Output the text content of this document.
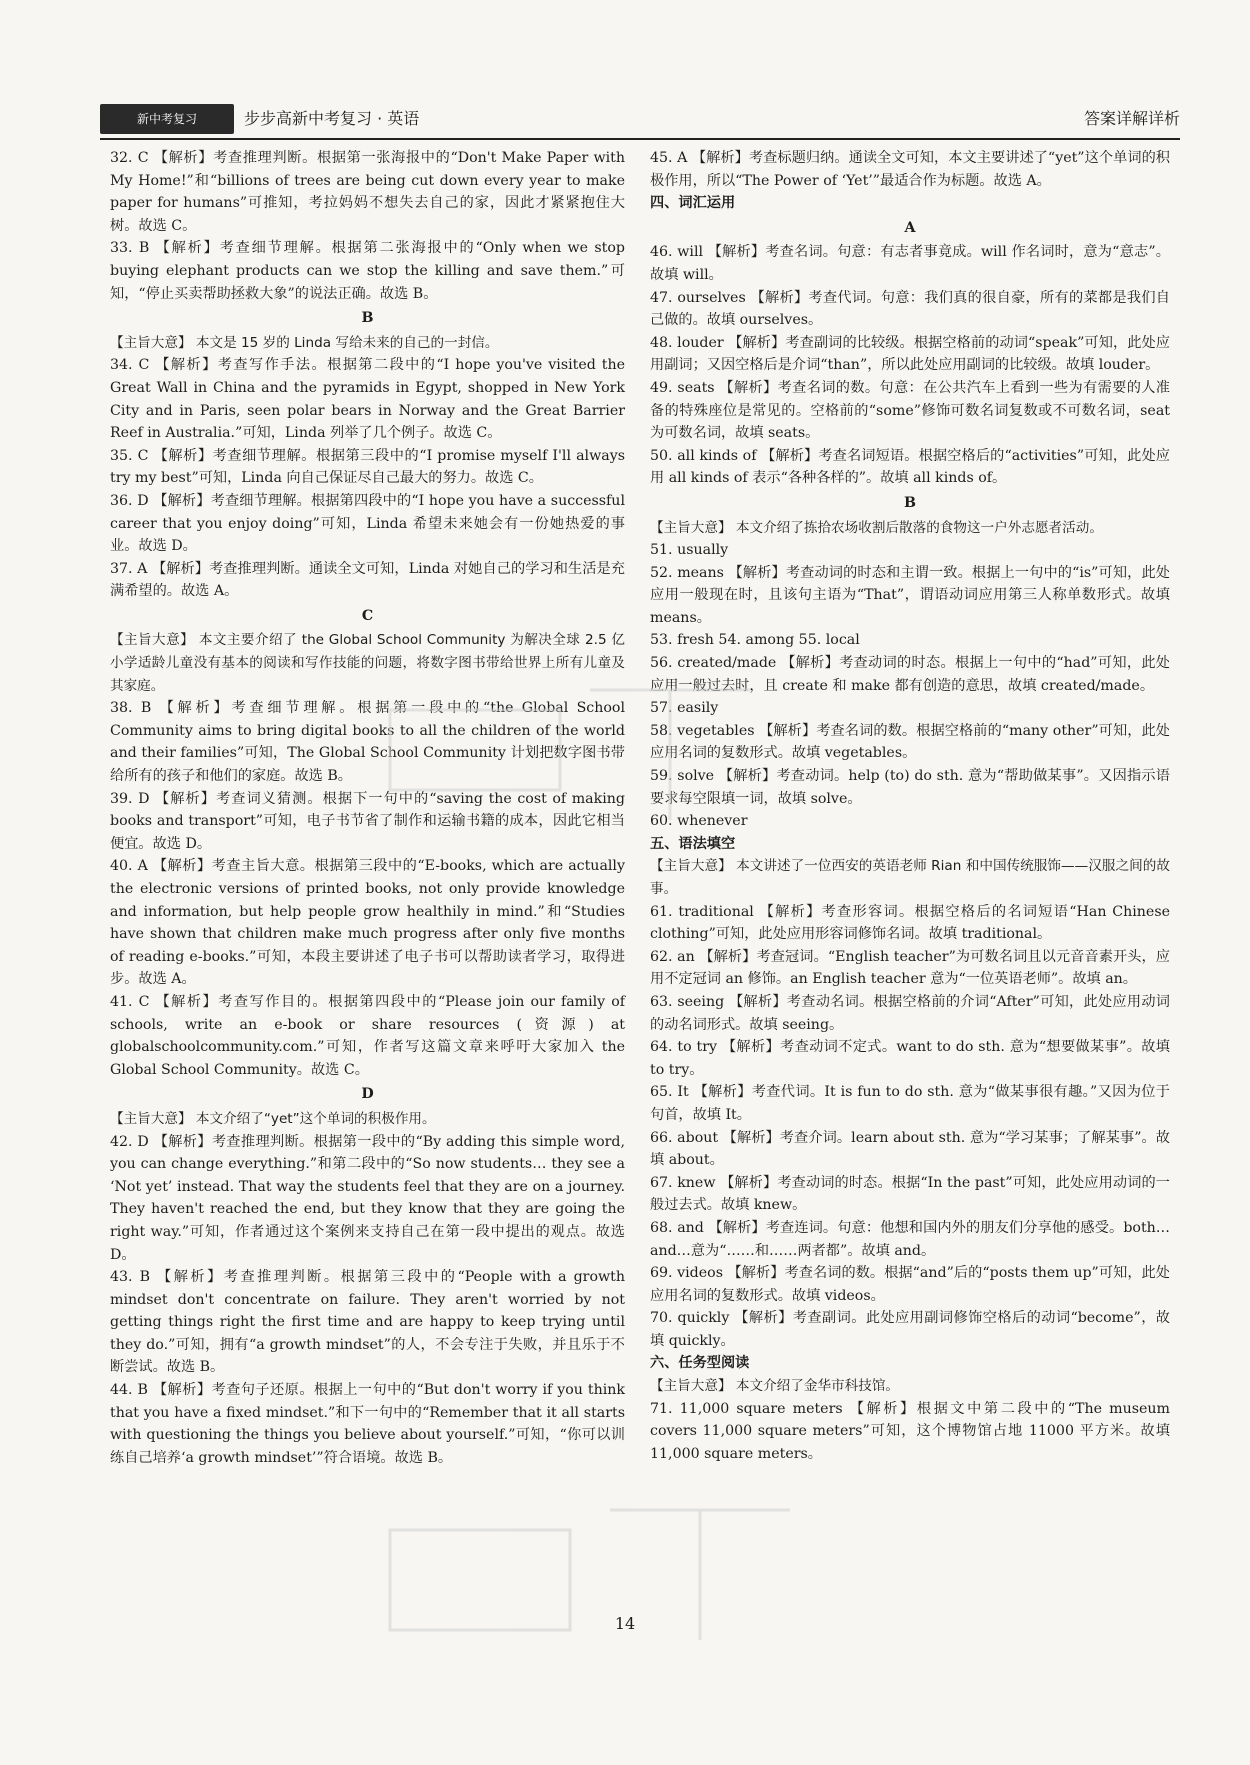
新中考复习	步步高新中考复习 · 英语	答案详解详析

32. C 【解析】考查推理判断。根据第一张海报中的“Don't Make Paper with My Home!”和“billions of trees are being cut down every year to make paper for humans”可推知，考拉妈妈不想失去自己的家，因此才紧紧抱住大树。故选 C。

33. B 【解析】考查细节理解。根据第二张海报中的“Only when we stop buying elephant products can we stop the killing and save them.”可知，“停止买卖帮助拯救大象”的说法正确。故选 B。

B

【主旨大意】 本文是 15 岁的 Linda 写给未来的自己的一封信。

34. C 【解析】考查写作手法。根据第二段中的“I hope you've visited the Great Wall in China and the pyramids in Egypt, shopped in New York City and in Paris, seen polar bears in Norway and the Great Barrier Reef in Australia.”可知，Linda 列举了几个例子。故选 C。

35. C 【解析】考查细节理解。根据第三段中的“I promise myself I'll always try my best”可知，Linda 向自己保证尽自己最大的努力。故选 C。

36. D 【解析】考查细节理解。根据第四段中的“I hope you have a successful career that you enjoy doing”可知，Linda 希望未来她会有一份她热爱的事业。故选 D。

37. A 【解析】考查推理判断。通读全文可知，Linda 对她自己的学习和生活是充满希望的。故选 A。

C

【主旨大意】 本文主要介绍了 the Global School Community 为解决全球 2.5 亿小学适龄儿童没有基本的阅读和写作技能的问题，将数字图书带给世界上所有儿童及其家庭。

38. B 【解析】考查细节理解。根据第一段中的“the Global School Community aims to bring digital books to all the children of the world and their families”可知，The Global School Community 计划把数字图书带给所有的孩子和他们的家庭。故选 B。

39. D 【解析】考查词义猜测。根据下一句中的“saving the cost of making books and transport”可知，电子书节省了制作和运输书籍的成本，因此它相当便宜。故选 D。

40. A 【解析】考查主旨大意。根据第三段中的“E-books, which are actually the electronic versions of printed books, not only provide knowledge and information, but help people grow healthily in mind.”和“Studies have shown that children make much progress after only five months of reading e-books.”可知，本段主要讲述了电子书可以帮助读者学习，取得进步。故选 A。

41. C 【解析】考查写作目的。根据第四段中的“Please join our family of schools, write an e-book or share resources (资源) at globalschoolcommunity.com.”可知，作者写这篇文章来呼吁大家加入 the Global School Community。故选 C。

D

【主旨大意】 本文介绍了“yet”这个单词的积极作用。

42. D 【解析】考查推理判断。根据第一段中的“By adding this simple word, you can change everything.”和第二段中的“So now students… they see a ‘Not yet’ instead. That way the students feel that they are on a journey. They haven't reached the end, but they know that they are going the right way.”可知，作者通过这个案例来支持自己在第一段中提出的观点。故选 D。

43. B 【解析】考查推理判断。根据第三段中的“People with a growth mindset don't concentrate on failure. They aren't worried by not getting things right the first time and are happy to keep trying until they do.”可知，拥有“a growth mindset”的人，不会专注于失败，并且乐于不断尝试。故选 B。

44. B 【解析】考查句子还原。根据上一句中的“But don't worry if you think that you have a fixed mindset.”和下一句中的“Remember that it all starts with questioning the things you believe about yourself.”可知，“你可以训练自己培养‘a growth mindset’”符合语境。故选 B。

45. A 【解析】考查标题归纳。通读全文可知，本文主要讲述了“yet”这个单词的积极作用，所以“The Power of ‘Yet’”最适合作为标题。故选 A。

四、词汇运用

A

46. will 【解析】考查名词。句意：有志者事竟成。will 作名词时，意为“意志”。故填 will。

47. ourselves 【解析】考查代词。句意：我们真的很自豪，所有的菜都是我们自己做的。故填 ourselves。

48. louder 【解析】考查副词的比较级。根据空格前的动词“speak”可知，此处应用副词；又因空格后是介词“than”，所以此处应用副词的比较级。故填 louder。

49. seats 【解析】考查名词的数。句意：在公共汽车上看到一些为有需要的人准备的特殊座位是常见的。空格前的“some”修饰可数名词复数或不可数名词，seat 为可数名词，故填 seats。

50. all kinds of 【解析】考查名词短语。根据空格后的“activities”可知，此处应用 all kinds of 表示“各种各样的”。故填 all kinds of。

B

【主旨大意】 本文介绍了拣拾农场收割后散落的食物这一户外志愿者活动。

51. usually

52. means 【解析】考查动词的时态和主谓一致。根据上一句中的“is”可知，此处应用一般现在时，且该句主语为“That”，谓语动词应用第三人称单数形式。故填 means。

53. fresh 54. among 55. local

56. created/made 【解析】考查动词的时态。根据上一句中的“had”可知，此处应用一般过去时，且 create 和 make 都有创造的意思，故填 created/made。

57. easily

58. vegetables 【解析】考查名词的数。根据空格前的“many other”可知，此处应用名词的复数形式。故填 vegetables。

59. solve 【解析】考查动词。help (to) do sth. 意为“帮助做某事”。又因指示语要求每空限填一词，故填 solve。

60. whenever

五、语法填空

【主旨大意】 本文讲述了一位西安的英语老师 Rian 和中国传统服饰——汉服之间的故事。

61. traditional 【解析】考查形容词。根据空格后的名词短语“Han Chinese clothing”可知，此处应用形容词修饰名词。故填 traditional。

62. an 【解析】考查冠词。“English teacher”为可数名词且以元音音素开头，应用不定冠词 an 修饰。an English teacher 意为“一位英语老师”。故填 an。

63. seeing 【解析】考查动名词。根据空格前的介词“After”可知，此处应用动词的动名词形式。故填 seeing。

64. to try 【解析】考查动词不定式。want to do sth. 意为“想要做某事”。故填 to try。

65. It 【解析】考查代词。It is fun to do sth. 意为“做某事很有趣。”又因为位于句首，故填 It。

66. about 【解析】考查介词。learn about sth. 意为“学习某事；了解某事”。故填 about。

67. knew 【解析】考查动词的时态。根据“In the past”可知，此处应用动词的一般过去式。故填 knew。

68. and 【解析】考查连词。句意：他想和国内外的朋友们分享他的感受。both…and…意为“……和……两者都”。故填 and。

69. videos 【解析】考查名词的数。根据“and”后的“posts them up”可知，此处应用名词的复数形式。故填 videos。

70. quickly 【解析】考查副词。此处应用副词修饰空格后的动词“become”，故填 quickly。

六、任务型阅读

【主旨大意】 本文介绍了金华市科技馆。

71. 11,000 square meters 【解析】根据文中第二段中的“The museum covers 11,000 square meters”可知，这个博物馆占地 11000 平方米。故填 11,000 square meters。

14
